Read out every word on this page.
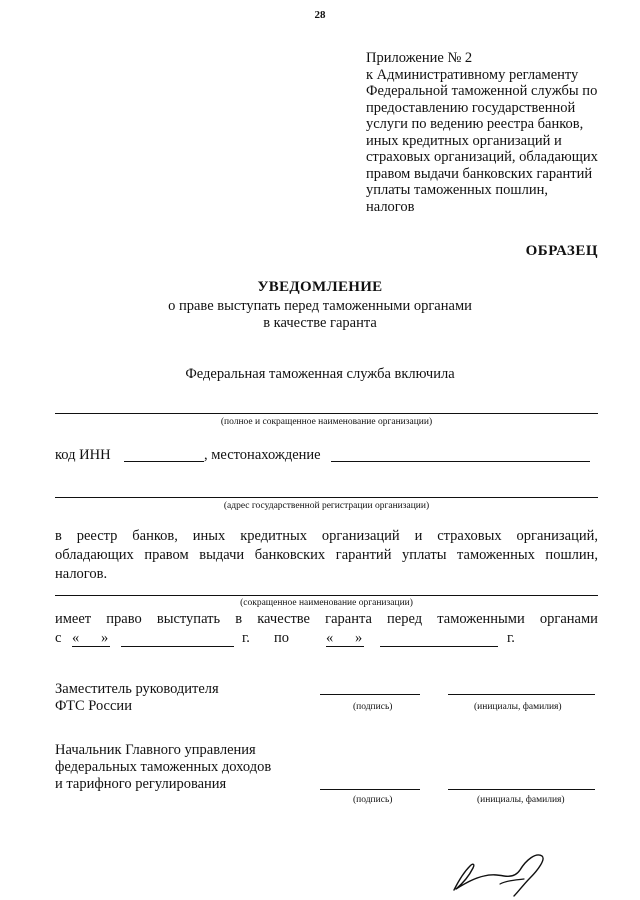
28
Приложение № 2
к Административному регламенту
Федеральной таможенной службы по
предоставлению государственной
услуги по ведению реестра банков,
иных кредитных организаций и
страховых организаций, обладающих
правом выдачи банковских гарантий
уплаты таможенных пошлин,
налогов
ОБРАЗЕЦ
УВЕДОМЛЕНИЕ
о праве выступать перед таможенными органами
в качестве гаранта
Федеральная таможенная служба включила
(полное и сокращенное наименование организации)
код ИНН	, местонахождение
(адрес государственной регистрации организации)
в реестр банков, иных кредитных организаций и страховых организаций,
обладающих правом выдачи банковских гарантий уплаты таможенных пошлин,
налогов.
(сокращенное наименование организации)
имеет право выступать в качестве гаранта перед таможенными органами
с « »	г. по	« »	г.
Заместитель руководителя
ФТС России	(подпись)	(инициалы, фамилия)
Начальник Главного управления
федеральных таможенных доходов
и тарифного регулирования
(подпись)	(инициалы, фамилия)
